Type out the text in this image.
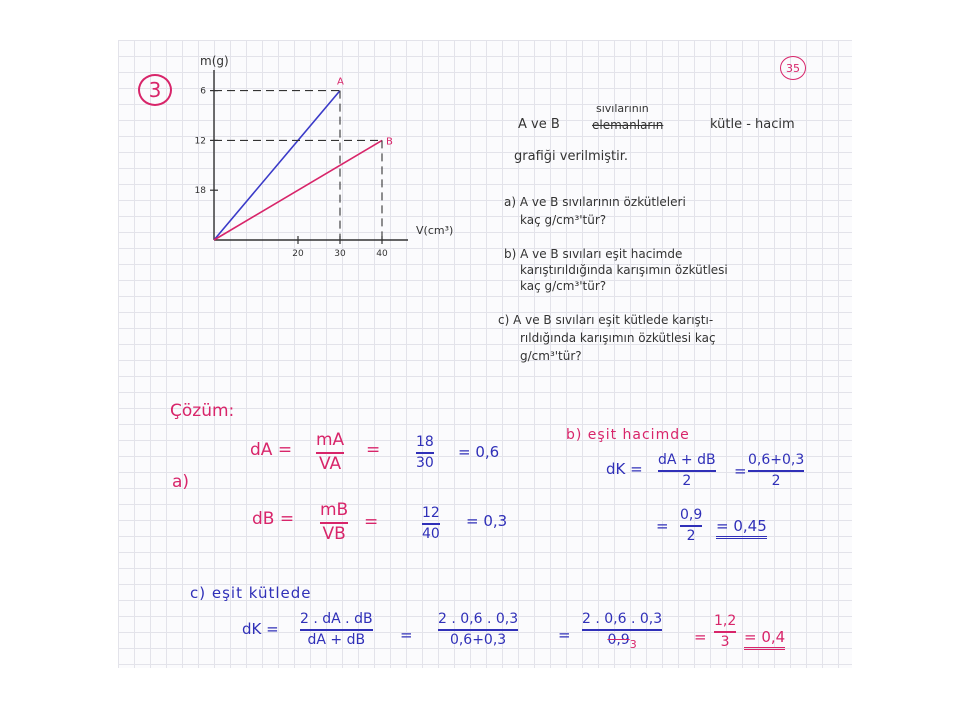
3
35
m(g)
V(cm³)
18
12
6
20	30	40
A
B
A ve B
sıvılarının
elemanların	kütle - hacim
grafiği verilmiştir.
a) A ve B sıvılarının özkütleleri
kaç g/cm³'tür?
b) A ve B sıvıları eşit hacimde
karıştırıldığında karışımın özkütlesi
kaç g/cm³'tür?
c) A ve B sıvıları eşit kütlede karıştı-
rıldığında karışımın özkütlesi kaç
g/cm³'tür?
Çözüm:
a)
dA = mA
VA
=	18
30
= 0,6
dB = mB
VB
=	12
40
= 0,3
b) eşit hacimde
dK = dA + dB
2
=
0,6+0,3
2
=
0,9
2
= 0,45
c) eşit kütlede
dK =
2 . dA . dB
dA + dB =
2 . 0,6 . 0,3
0,6+0,3	=
2 . 0,6 . 0,3
$0,9_3$	=
1,2
3 = 0,4
